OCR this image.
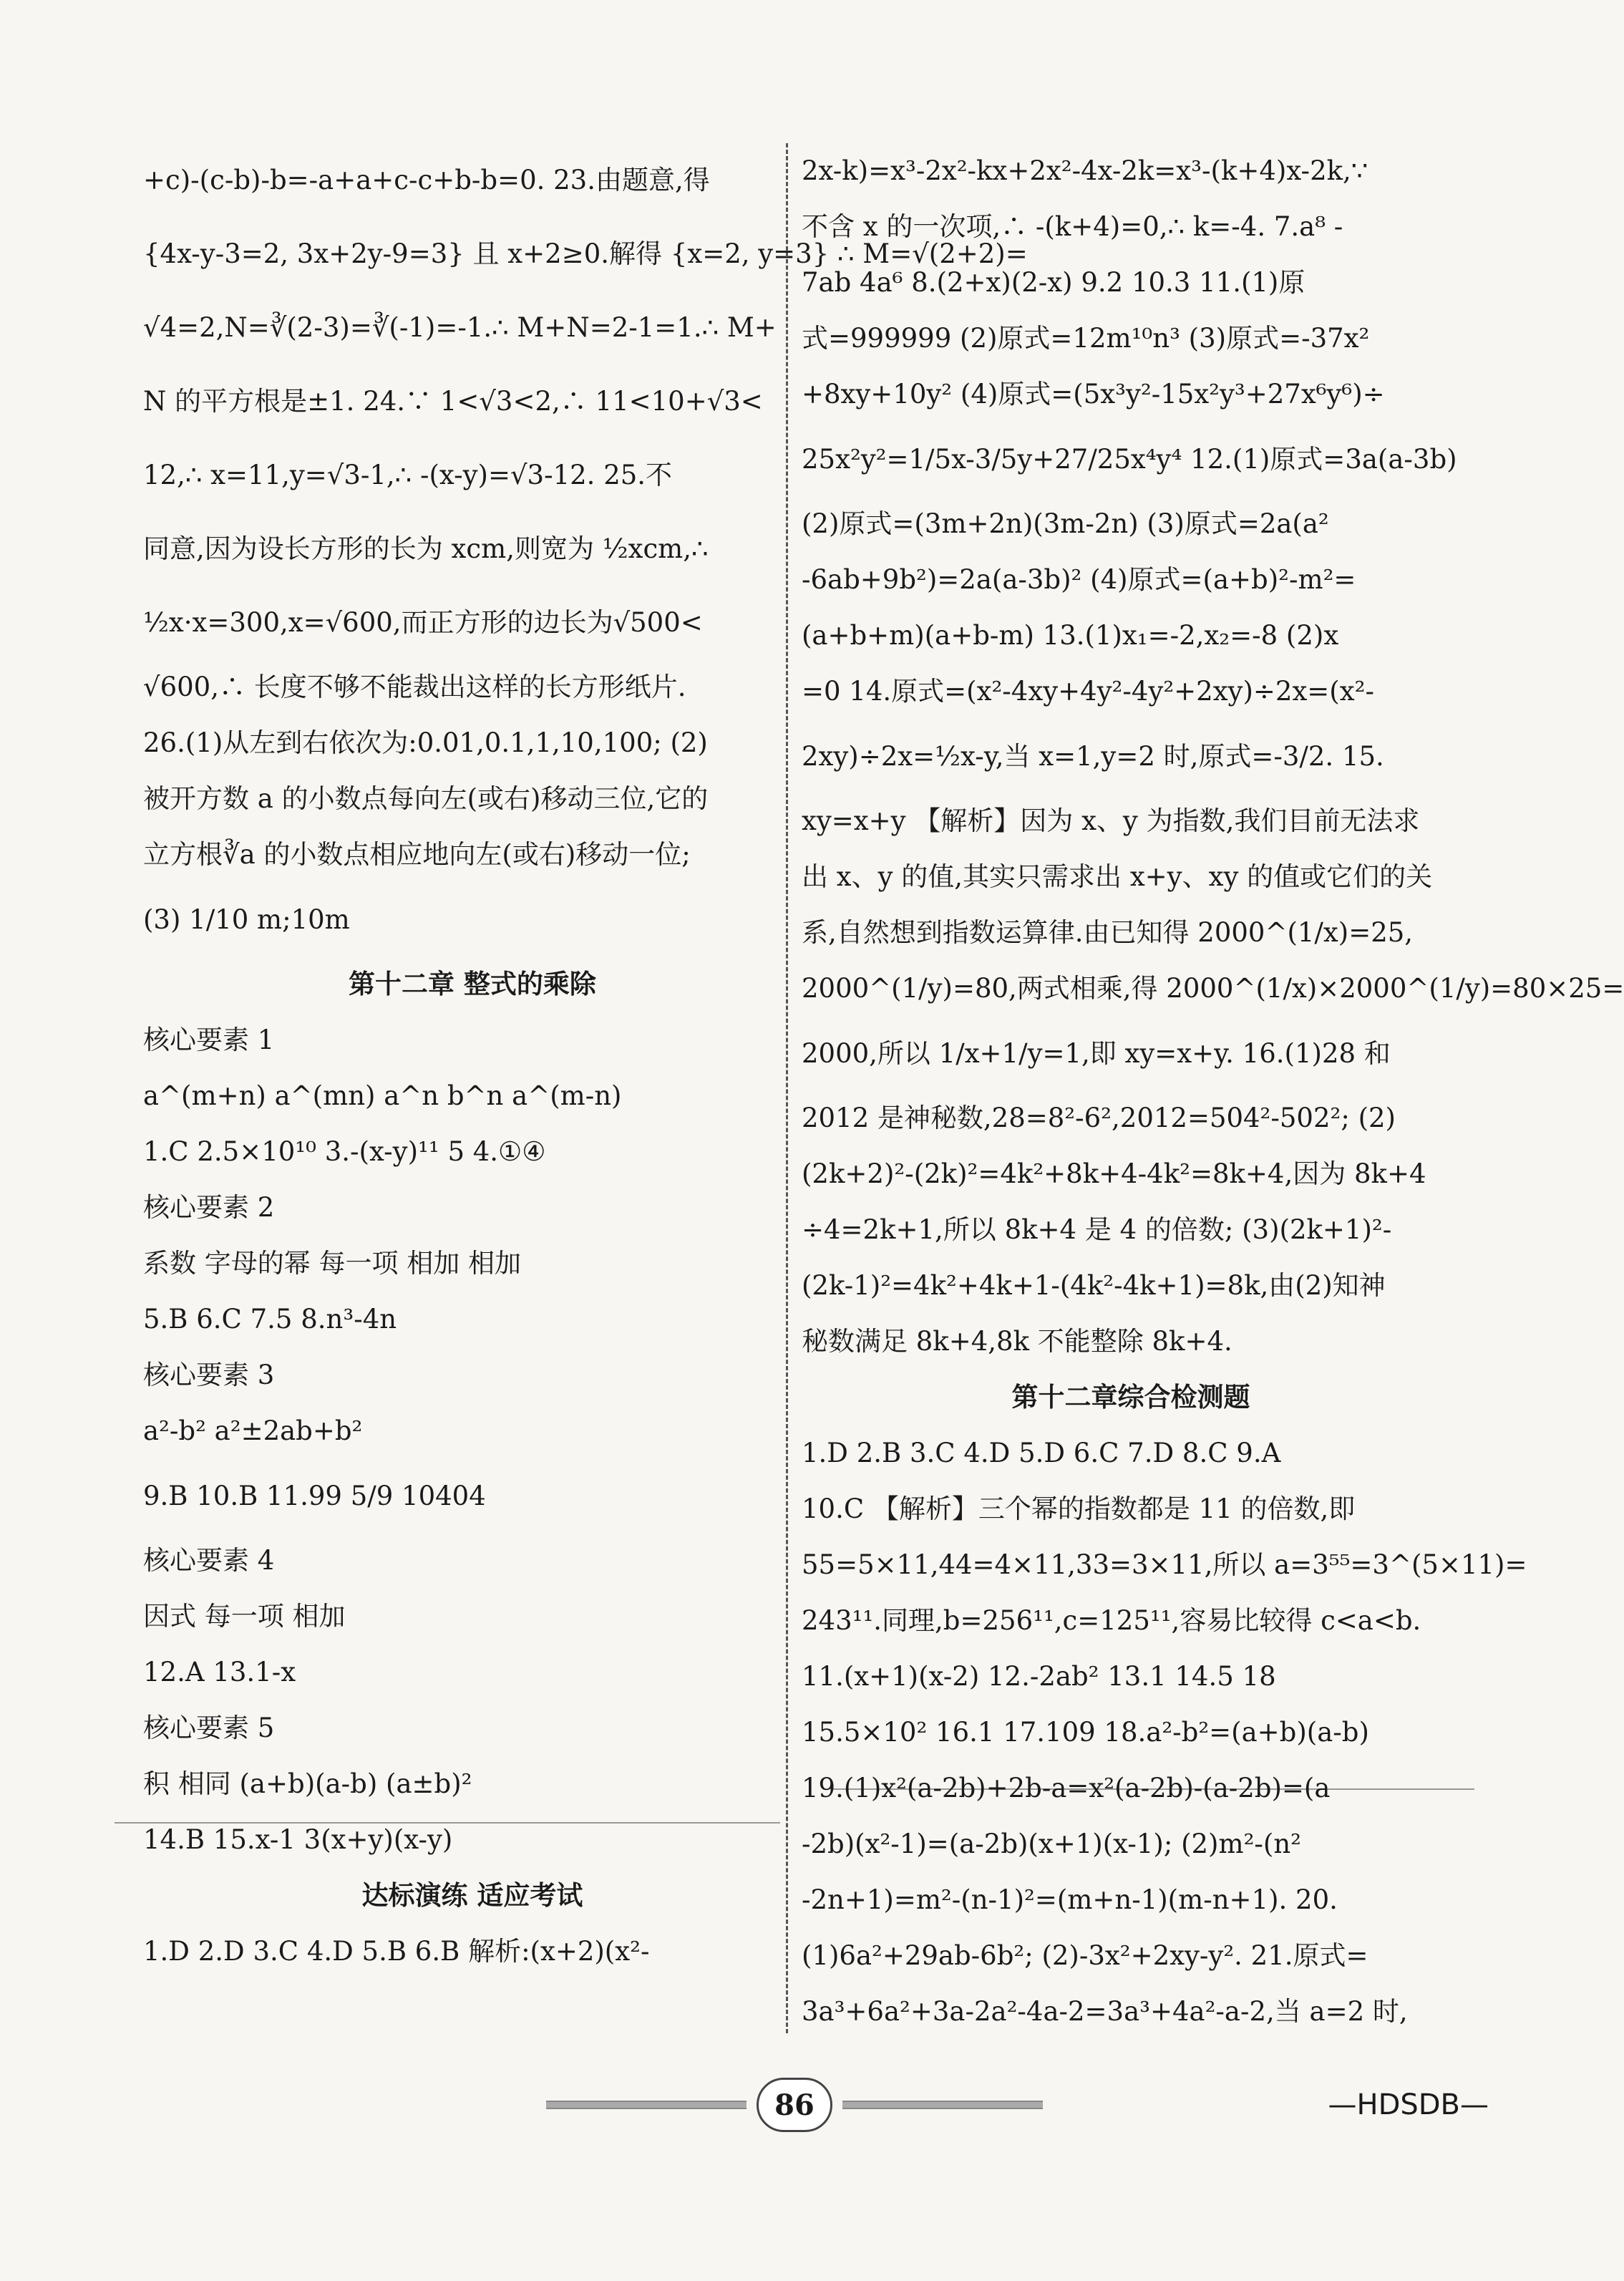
+c)-(c-b)-b=-a+a+c-c+b-b=0. 23.由题意,得
{4x-y-3=2, 3x+2y-9=3} 且 x+2≥0.解得 {x=2, y=3} ∴ M=√(2+2)=
√4=2,N=∛(2-3)=∛(-1)=-1.∴ M+N=2-1=1.∴ M+
N 的平方根是±1. 24.∵ 1<√3<2,∴ 11<10+√3<
12,∴ x=11,y=√3-1,∴ -(x-y)=√3-12. 25.不
同意,因为设长方形的长为 xcm,则宽为 ½xcm,∴
½x·x=300,x=√600,而正方形的边长为√500<
√600,∴ 长度不够不能裁出这样的长方形纸片.
26.(1)从左到右依次为:0.01,0.1,1,10,100; (2)
被开方数 a 的小数点每向左(或右)移动三位,它的
立方根∛a 的小数点相应地向左(或右)移动一位;
(3) 1/10 m;10m
第十二章 整式的乘除
核心要素 1
a^(m+n) a^(mn) a^n b^n a^(m-n)
1.C 2.5×10¹⁰ 3.-(x-y)¹¹ 5 4.①④
核心要素 2
系数 字母的幂 每一项 相加 相加
5.B 6.C 7.5 8.n³-4n
核心要素 3
a²-b² a²±2ab+b²
9.B 10.B 11.99 5/9 10404
核心要素 4
因式 每一项 相加
12.A 13.1-x
核心要素 5
积 相同 (a+b)(a-b) (a±b)²
14.B 15.x-1 3(x+y)(x-y)
达标演练 适应考试
1.D 2.D 3.C 4.D 5.B 6.B 解析:(x+2)(x²-
2x-k)=x³-2x²-kx+2x²-4x-2k=x³-(k+4)x-2k,∵
不含 x 的一次项,∴ -(k+4)=0,∴ k=-4. 7.a⁸ -
7ab 4a⁶ 8.(2+x)(2-x) 9.2 10.3 11.(1)原
式=999999 (2)原式=12m¹⁰n³ (3)原式=-37x²
+8xy+10y² (4)原式=(5x³y²-15x²y³+27x⁶y⁶)÷
25x²y²=1/5x-3/5y+27/25x⁴y⁴ 12.(1)原式=3a(a-3b)
(2)原式=(3m+2n)(3m-2n) (3)原式=2a(a²
-6ab+9b²)=2a(a-3b)² (4)原式=(a+b)²-m²=
(a+b+m)(a+b-m) 13.(1)x₁=-2,x₂=-8 (2)x
=0 14.原式=(x²-4xy+4y²-4y²+2xy)÷2x=(x²-
2xy)÷2x=½x-y,当 x=1,y=2 时,原式=-3/2. 15.
xy=x+y 【解析】因为 x、y 为指数,我们目前无法求
出 x、y 的值,其实只需求出 x+y、xy 的值或它们的关
系,自然想到指数运算律.由已知得 2000^(1/x)=25,
2000^(1/y)=80,两式相乘,得 2000^(1/x)×2000^(1/y)=80×25=
2000,所以 1/x+1/y=1,即 xy=x+y. 16.(1)28 和
2012 是神秘数,28=8²-6²,2012=504²-502²; (2)
(2k+2)²-(2k)²=4k²+8k+4-4k²=8k+4,因为 8k+4
÷4=2k+1,所以 8k+4 是 4 的倍数; (3)(2k+1)²-
(2k-1)²=4k²+4k+1-(4k²-4k+1)=8k,由(2)知神
秘数满足 8k+4,8k 不能整除 8k+4.
第十二章综合检测题
1.D 2.B 3.C 4.D 5.D 6.C 7.D 8.C 9.A
10.C 【解析】三个幂的指数都是 11 的倍数,即
55=5×11,44=4×11,33=3×11,所以 a=3⁵⁵=3^(5×11)=
243¹¹.同理,b=256¹¹,c=125¹¹,容易比较得 c<a<b.
11.(x+1)(x-2) 12.-2ab² 13.1 14.5 18
15.5×10² 16.1 17.109 18.a²-b²=(a+b)(a-b)
19.(1)x²(a-2b)+2b-a=x²(a-2b)-(a-2b)=(a
-2b)(x²-1)=(a-2b)(x+1)(x-1); (2)m²-(n²
-2n+1)=m²-(n-1)²=(m+n-1)(m-n+1). 20.
(1)6a²+29ab-6b²; (2)-3x²+2xy-y². 21.原式=
3a³+6a²+3a-2a²-4a-2=3a³+4a²-a-2,当 a=2 时,
86	—HDSDB—
